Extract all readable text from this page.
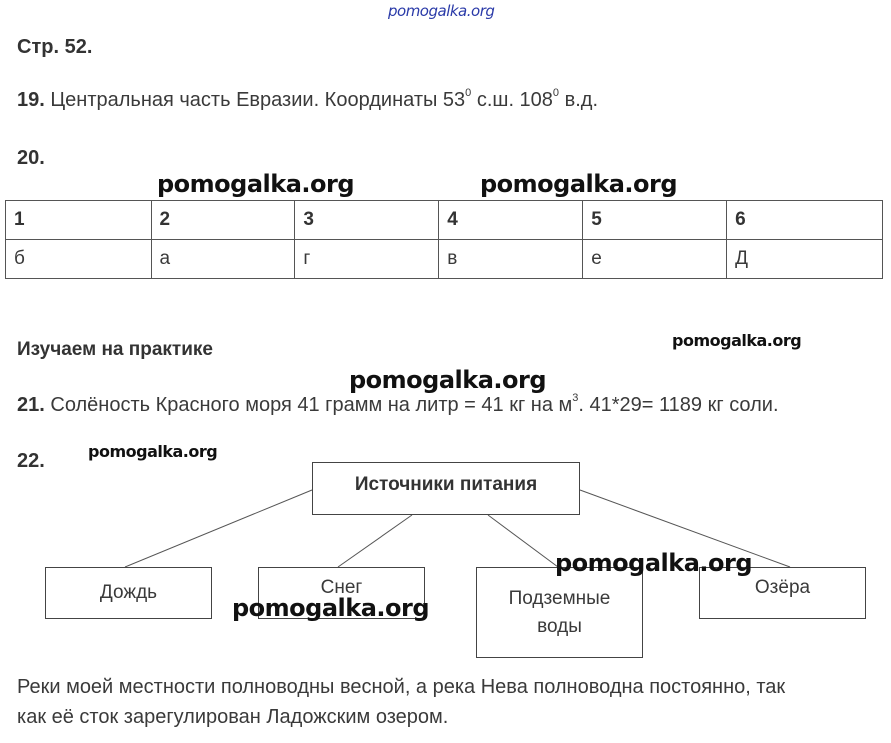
pomogalka.org
Стр. 52.
19. Центральная часть Евразии. Координаты $53^0$ с.ш. $108^0$ в.д.
20.
pomogalka.org	pomogalka.org
1	2	3	4	5	6
б	а	г	в	е	Д
Изучаем на практике	pomogalka.org
pomogalka.org
21. Солёность Красного моря 41 грамм на литр = 41 кг на $м^3$. 41*29= 1189 кг соли.
22.	pomogalka.org
Источники питания
Дождь	Снег	Подземные воды
Озёра
pomogalka.org
pomogalka.org
Реки моей местности полноводны весной, а река Нева полноводна постоянно, так
как её сток зарегулирован Ладожским озером.
